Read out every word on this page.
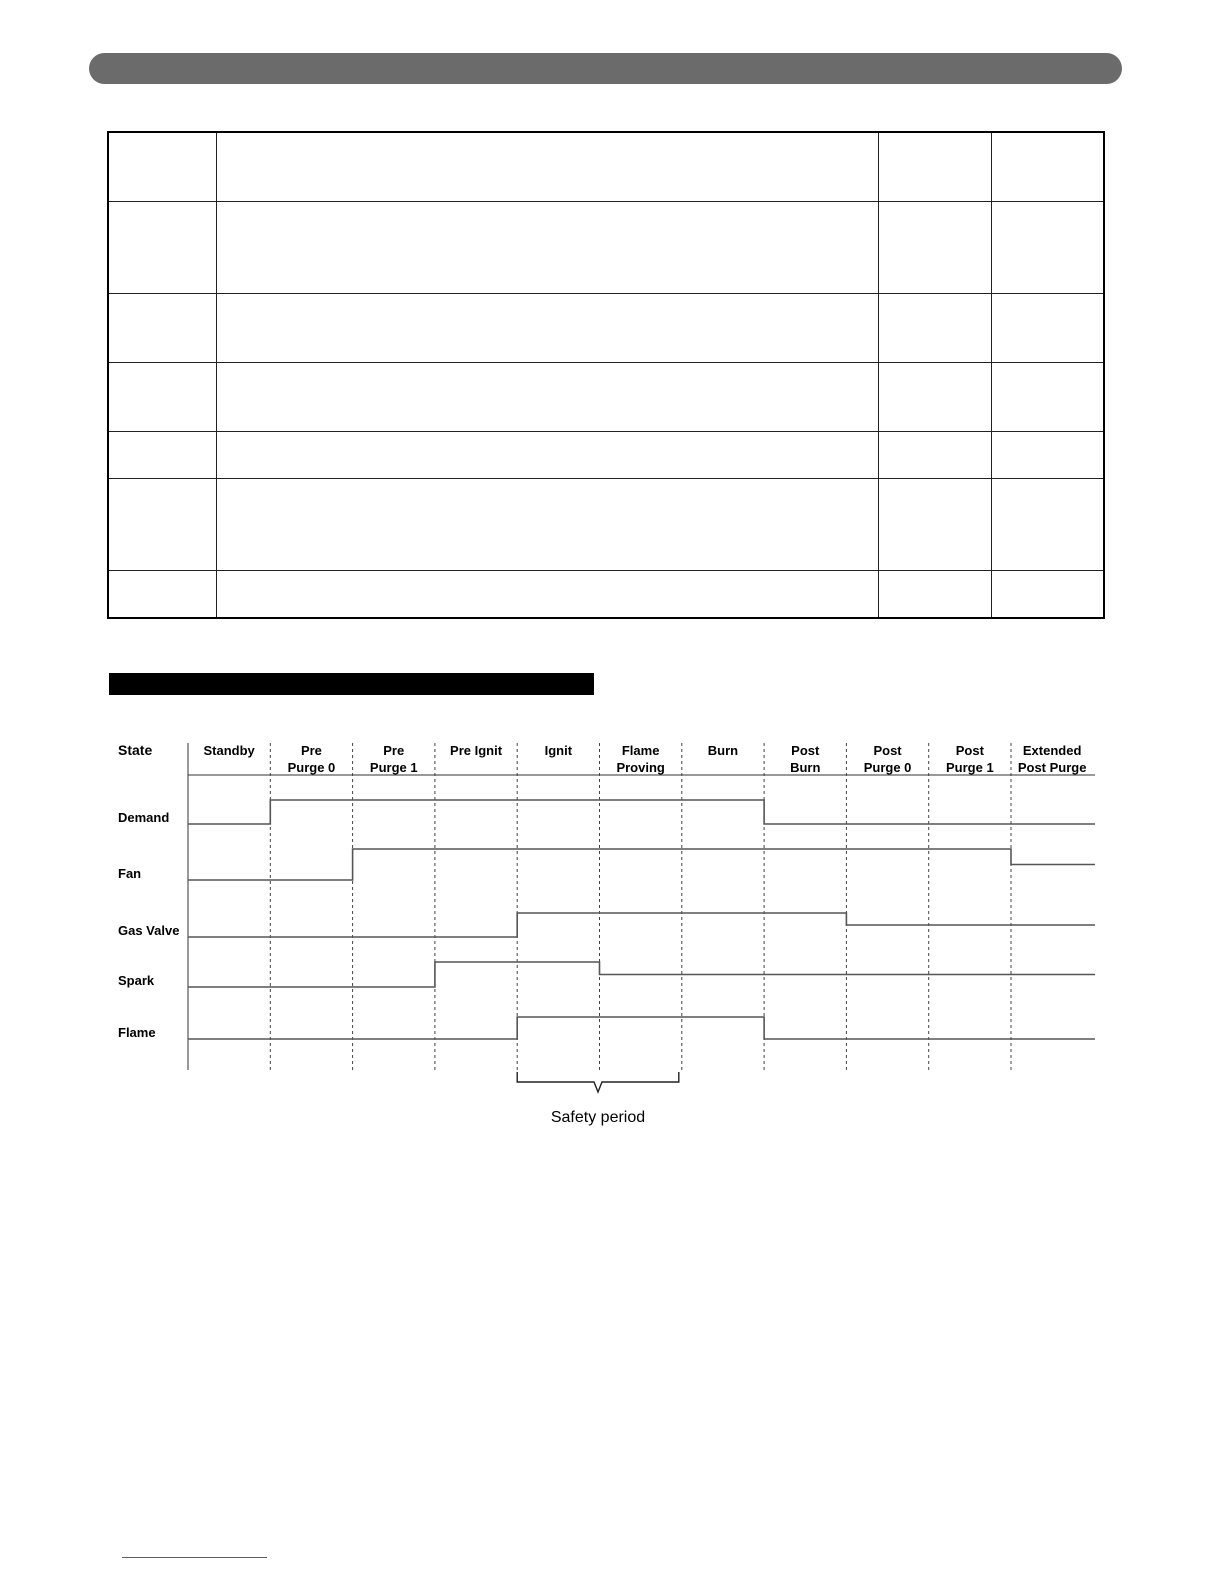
State	Standby	Pre
Purge 0
Pre
Purge 1
Pre Ignit	Ignit	Flame
Proving
Burn	Post
Burn
Post
Purge 0
Post
Purge 1
Extended
Post Purge
Demand
Fan
Gas Valve
Spark
Flame
Safety period
